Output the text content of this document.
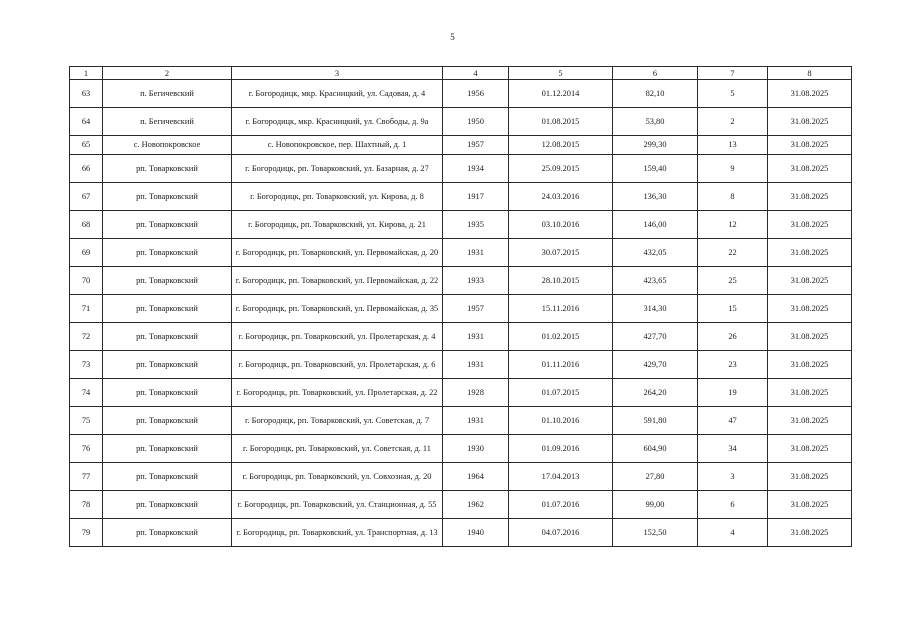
5
1	2	3	4	5	6	7	8
63	п. Бегичевский	г. Богородицк, мкр. Красницкий, ул. Садовая, д. 4	1956	01.12.2014	82,10	5	31.08.2025
64	п. Бегичевский	г. Богородицк, мкр. Красницкий, ул. Свободы, д. 9а	1950	01.08.2015	53,80	2	31.08.2025
65	с. Новопокровское	с. Новопокровское, пер. Шахтный, д. 1	1957	12.08.2015	299,30	13	31.08.2025
66	рп. Товарковский	г. Богородицк, рп. Товарковский, ул. Базарная, д. 27	1934	25.09.2015	159,40	9	31.08.2025
67	рп. Товарковский	г. Богородицк, рп. Товарковский, ул. Кирова, д. 8	1917	24.03.2016	136,30	8	31.08.2025
68	рп. Товарковский	г. Богородицк, рп. Товарковский, ул. Кирова, д. 21	1935	03.10.2016	146,00	12	31.08.2025
69	рп. Товарковский	г. Богородицк, рп. Товарковский, ул. Первомайская, д. 20	1931	30.07.2015	432,05	22	31.08.2025
70	рп. Товарковский	г. Богородицк, рп. Товарковский, ул. Первомайская, д. 22	1933	28.10.2015	423,65	25	31.08.2025
71	рп. Товарковский	г. Богородицк, рп. Товарковский, ул. Первомайская, д. 35	1957	15.11.2016	314,30	15	31.08.2025
72	рп. Товарковский	г. Богородицк, рп. Товарковский, ул. Пролетарская, д. 4	1931	01.02.2015	427,70	26	31.08.2025
73	рп. Товарковский	г. Богородицк, рп. Товарковский, ул. Пролетарская, д. 6	1931	01.11.2016	429,70	23	31.08.2025
74	рп. Товарковский	г. Богородицк, рп. Товарковский, ул. Пролетарская, д. 22	1928	01.07.2015	264,20	19	31.08.2025
75	рп. Товарковский	г. Богородицк, рп. Товарковский, ул. Советская, д. 7	1931	01.10.2016	591,80	47	31.08.2025
76	рп. Товарковский	г. Богородицк, рп. Товарковский, ул. Советская, д. 11	1930	01.09.2016	604,90	34	31.08.2025
77	рп. Товарковский	г. Богородицк, рп. Товарковский, ул. Совхозная, д. 20	1964	17.04.2013	27,80	3	31.08.2025
78	рп. Товарковский	г. Богородицк, рп. Товарковский, ул. Станционная, д. 55	1962	01.07.2016	99,00	6	31.08.2025
79	рп. Товарковский	г. Богородицк, рп. Товарковский, ул. Транспортная, д. 13	1940	04.07.2016	152,50	4	31.08.2025
